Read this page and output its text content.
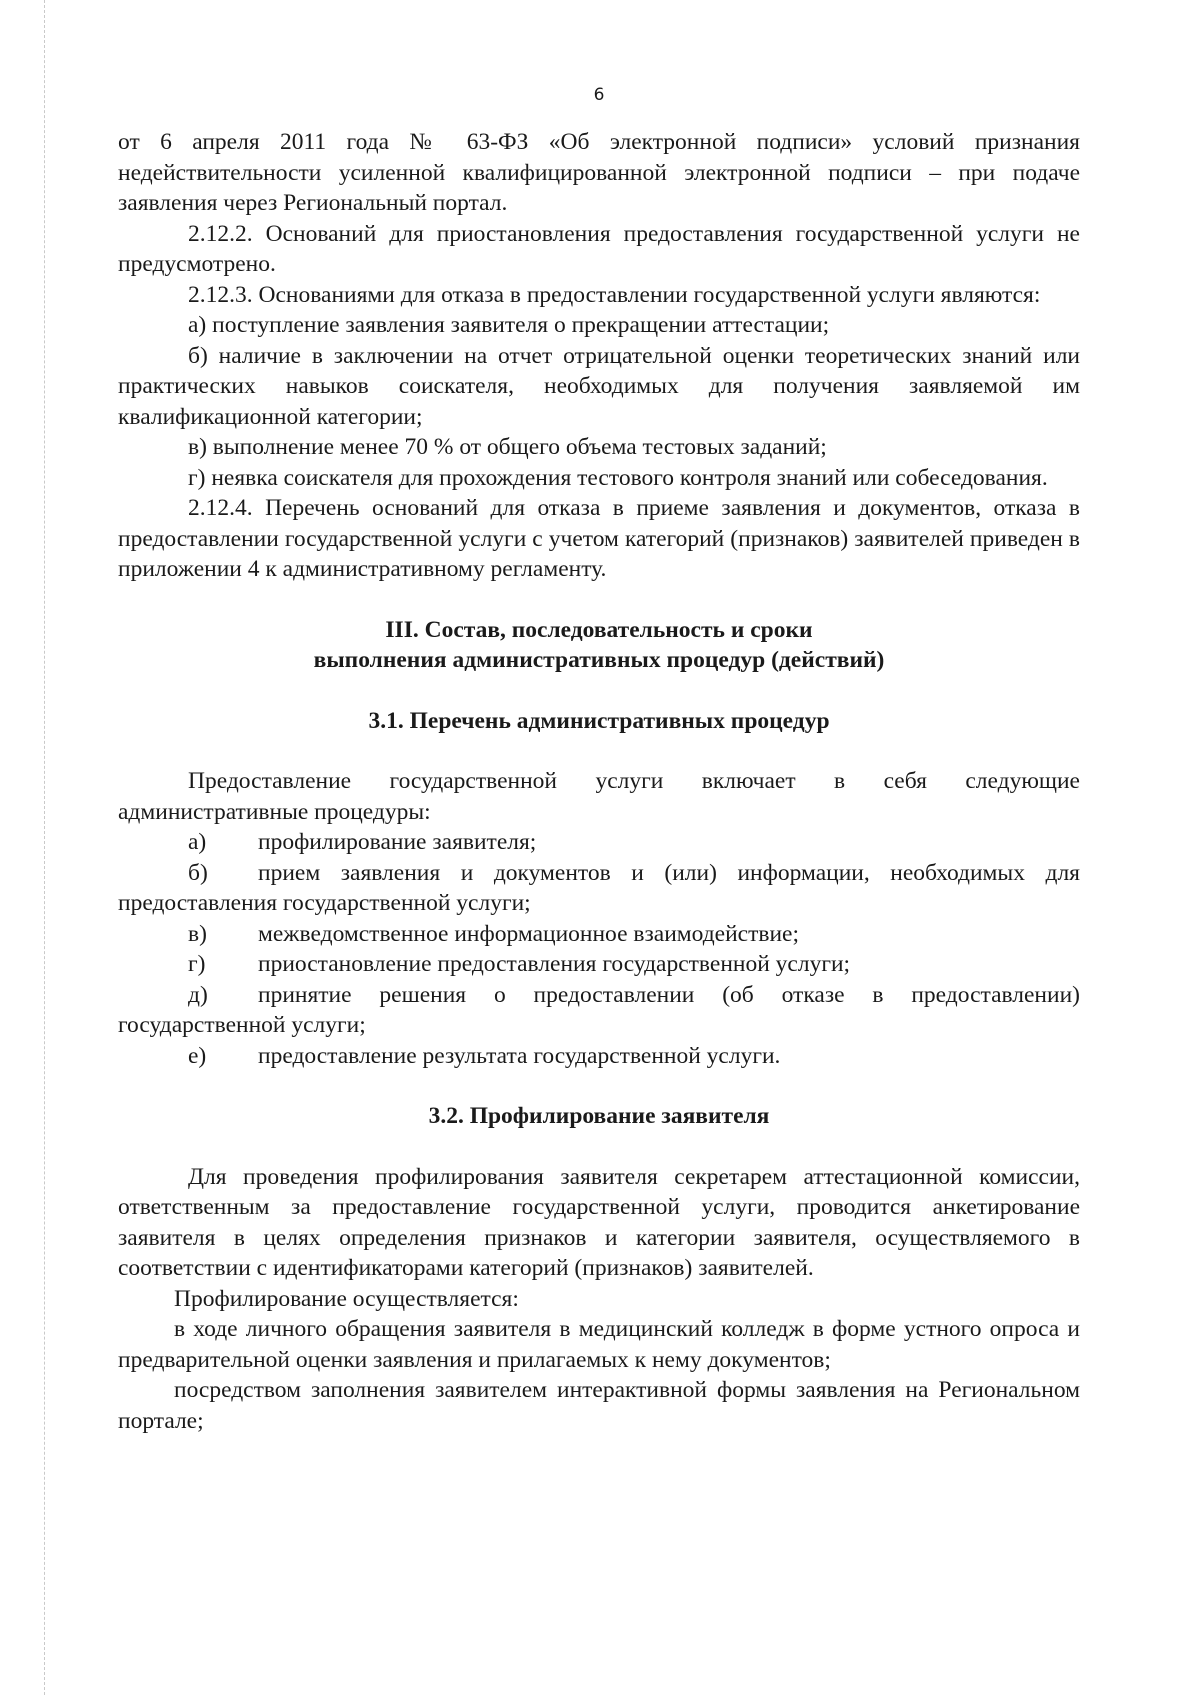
6

от 6 апреля 2011 года № 63-ФЗ «Об электронной подписи» условий признания недействительности усиленной квалифицированной электронной подписи – при подаче заявления через Региональный портал.

2.12.2. Оснований для приостановления предоставления государственной услуги не предусмотрено.

2.12.3. Основаниями для отказа в предоставлении государственной услуги являются:

а) поступление заявления заявителя о прекращении аттестации;

б) наличие в заключении на отчет отрицательной оценки теоретических знаний или практических навыков соискателя, необходимых для получения заявляемой им квалификационной категории;

в) выполнение менее 70 % от общего объема тестовых заданий;

г) неявка соискателя для прохождения тестового контроля знаний или собеседования.

2.12.4. Перечень оснований для отказа в приеме заявления и документов, отказа в предоставлении государственной услуги с учетом категорий (признаков) заявителей приведен в приложении 4 к административному регламенту.

III. Состав, последовательность и сроки

выполнения административных процедур (действий)

3.1. Перечень административных процедур

Предоставление государственной услуги включает в себя следующие административные процедуры:

а)	профилирование заявителя;
б) прием заявления и документов и (или) информации, необходимых для предоставления государственной услуги;
в)	межведомственное информационное взаимодействие;
г)	приостановление предоставления государственной услуги;
д) принятие решения о предоставлении (об отказе в предоставлении) государственной услуги;
е)	предоставление результата государственной услуги.

3.2. Профилирование заявителя

Для проведения профилирования заявителя секретарем аттестационной комиссии, ответственным за предоставление государственной услуги, проводится анкетирование заявителя в целях определения признаков и категории заявителя, осуществляемого в соответствии с идентификаторами категорий (признаков) заявителей.

Профилирование осуществляется:

в ходе личного обращения заявителя в медицинский колледж в форме устного опроса и предварительной оценки заявления и прилагаемых к нему документов;

посредством заполнения заявителем интерактивной формы заявления на Региональном портале;
